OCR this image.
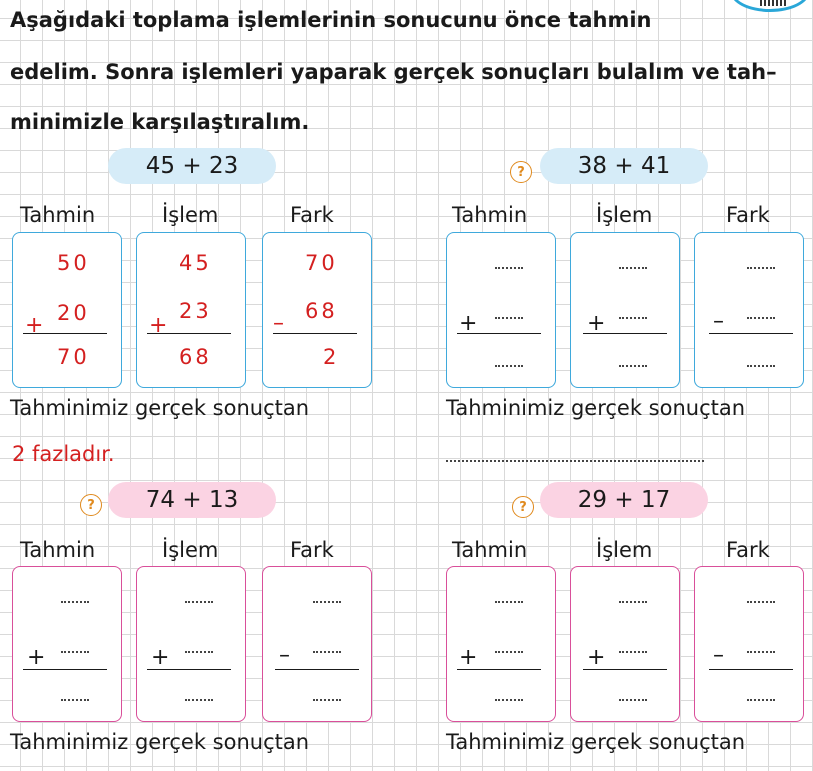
Aşağıdaki toplama işlemlerinin sonucunu önce tahmin
edelim. Sonra işlemleri yaparak gerçek sonuçları bulalım ve tah–
minimizle karşılaştıralım.
45 + 23
Tahmin	İşlem	Fark
50
+ 20
70
45
+
23
68
70
– 68
2
Tahminimiz gerçek sonuçtan
2 fazladır.
?	38 + 41
Tahmin	İşlem	Fark
+	+	–
Tahminimiz gerçek sonuçtan
?	74 + 13
Tahmin	İşlem	Fark
+	+	–
Tahminimiz gerçek sonuçtan
?	29 + 17
Tahmin	İşlem	Fark
+	+	–
Tahminimiz gerçek sonuçtan
